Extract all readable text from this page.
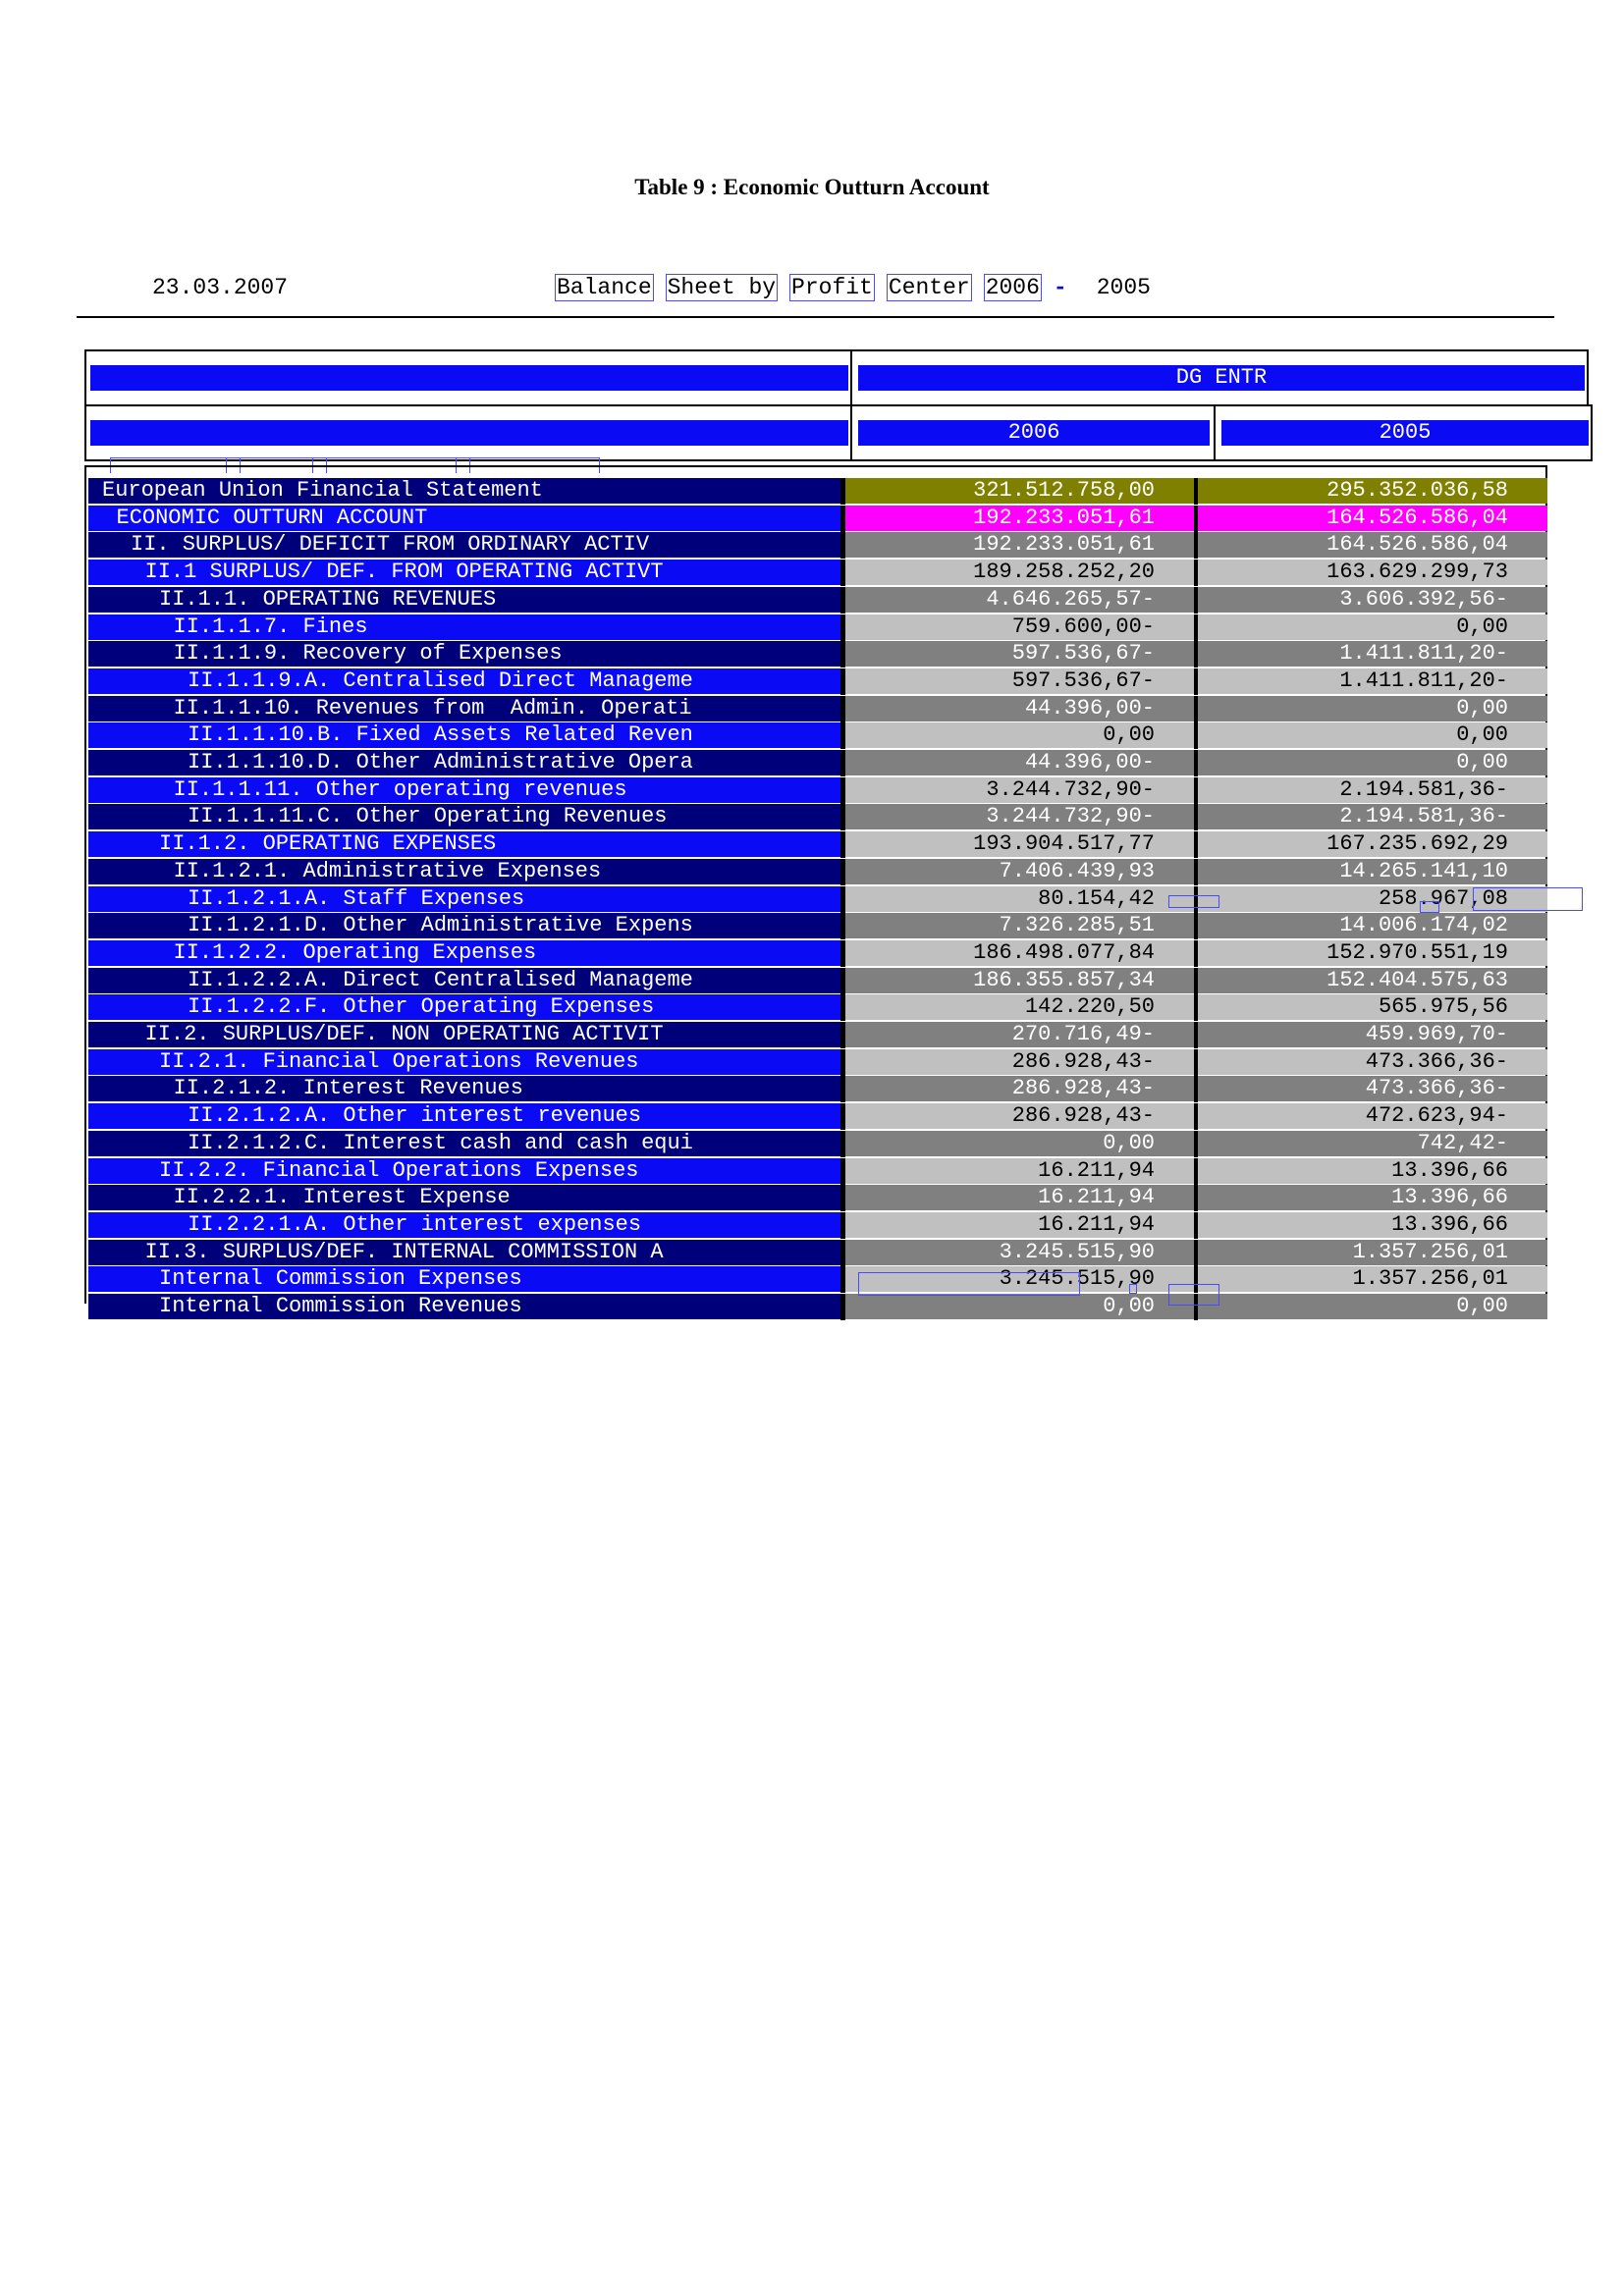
Table 9 : Economic Outturn Account
23.03.2007	Balance Sheet by Profit Center 2006 - 2005
DG ENTR
2006	2005
European Union Financial Statement	321.512.758,00	295.352.036,58
ECONOMIC OUTTURN ACCOUNT	192.233.051,61	164.526.586,04
II. SURPLUS/ DEFICIT FROM ORDINARY ACTIV	192.233.051,61	164.526.586,04
II.1 SURPLUS/ DEF. FROM OPERATING ACTIVT	189.258.252,20	163.629.299,73
II.1.1. OPERATING REVENUES	4.646.265,57-	3.606.392,56-
II.1.1.7. Fines	759.600,00-	0,00
II.1.1.9. Recovery of Expenses	597.536,67-	1.411.811,20-
II.1.1.9.A. Centralised Direct Manageme	597.536,67-	1.411.811,20-
II.1.1.10. Revenues from  Admin. Operati	44.396,00-	0,00
II.1.1.10.B. Fixed Assets Related Reven	0,00	0,00
II.1.1.10.D. Other Administrative Opera	44.396,00-	0,00
II.1.1.11. Other operating revenues	3.244.732,90-	2.194.581,36-
II.1.1.11.C. Other Operating Revenues	3.244.732,90-	2.194.581,36-
II.1.2. OPERATING EXPENSES	193.904.517,77	167.235.692,29
II.1.2.1. Administrative Expenses	7.406.439,93	14.265.141,10
II.1.2.1.A. Staff Expenses	80.154,42	258.967,08
II.1.2.1.D. Other Administrative Expens	7.326.285,51	14.006.174,02
II.1.2.2. Operating Expenses	186.498.077,84	152.970.551,19
II.1.2.2.A. Direct Centralised Manageme	186.355.857,34	152.404.575,63
II.1.2.2.F. Other Operating Expenses	142.220,50	565.975,56
II.2. SURPLUS/DEF. NON OPERATING ACTIVIT	270.716,49-	459.969,70-
II.2.1. Financial Operations Revenues	286.928,43-	473.366,36-
II.2.1.2. Interest Revenues	286.928,43-	473.366,36-
II.2.1.2.A. Other interest revenues	286.928,43-	472.623,94-
II.2.1.2.C. Interest cash and cash equi	0,00	742,42-
II.2.2. Financial Operations Expenses	16.211,94	13.396,66
II.2.2.1. Interest Expense	16.211,94	13.396,66
II.2.2.1.A. Other interest expenses	16.211,94	13.396,66
II.3. SURPLUS/DEF. INTERNAL COMMISSION A	3.245.515,90	1.357.256,01
Internal Commission Expenses	3.245.515,90	1.357.256,01
Internal Commission Revenues	0,00	0,00
